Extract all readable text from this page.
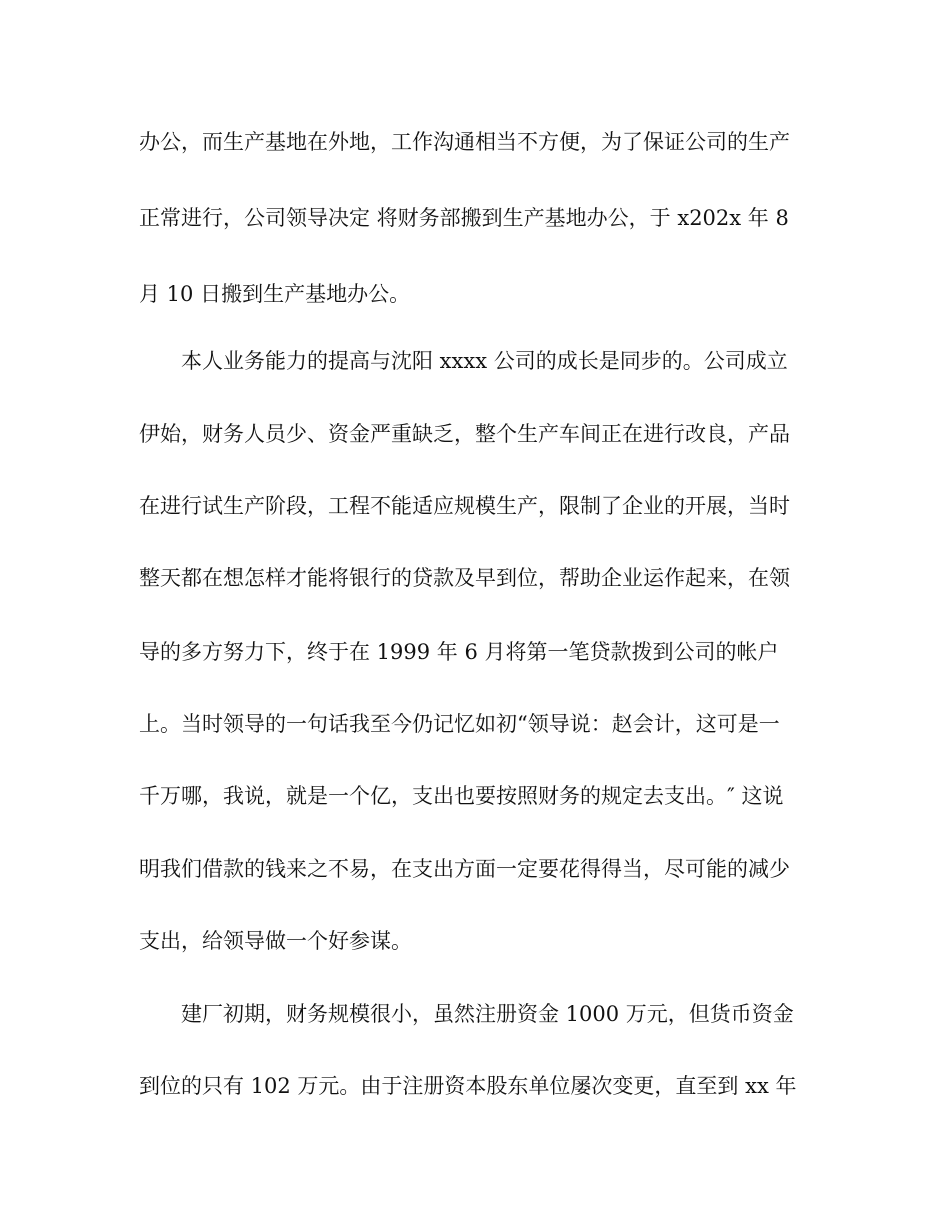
办公，而生产基地在外地，工作沟通相当不方便，为了保证公司的生产
正常进行，公司领导决定 将财务部搬到生产基地办公，于 x202x 年 8
月 10 日搬到生产基地办公。
本人业务能力的提高与沈阳 xxxx 公司的成长是同步的。公司成立
伊始，财务人员少、资金严重缺乏，整个生产车间正在进行改良，产品
在进行试生产阶段，工程不能适应规模生产，限制了企业的开展，当时
整天都在想怎样才能将银行的贷款及早到位，帮助企业运作起来，在领
导的多方努力下，终于在 1999 年 6 月将第一笔贷款拨到公司的帐户
上。当时领导的一句话我至今仍记忆如初“领导说：赵会计，这可是一
千万哪，我说，就是一个亿，支出也要按照财务的规定去支出。″ 这说
明我们借款的钱来之不易，在支出方面一定要花得得当，尽可能的减少
支出，给领导做一个好参谋。
建厂初期，财务规模很小，虽然注册资金 1000 万元，但货币资金
到位的只有 102 万元。由于注册资本股东单位屡次变更，直至到 xx 年
